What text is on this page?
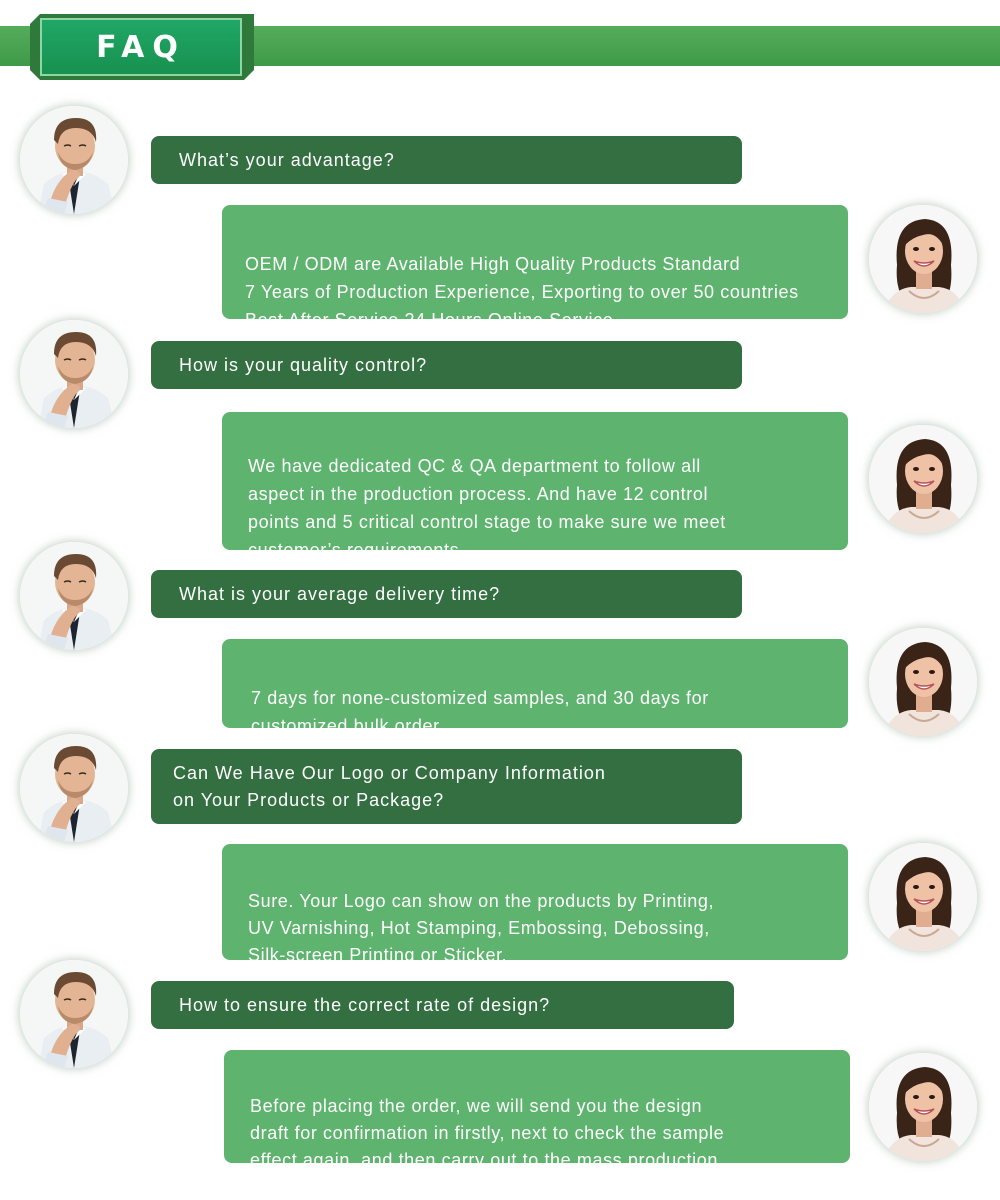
FAQ
What’s your advantage?

OEM / ODM are Available High Quality Products Standard
7 Years of Production Experience, Exporting to over 50 countries
Best After Service 24 Hours Online Service

How is your quality control?

We have dedicated QC & QA department to follow all
aspect in the production process. And have 12 control
points and 5 critical control stage to make sure we meet
customer’s requirements.

What is your average delivery time?

7 days for none-customized samples, and 30 days for
customized bulk order.

Can We Have Our Logo or Company Information
on Your Products or Package?

Sure. Your Logo can show on the products by Printing,
UV Varnishing, Hot Stamping, Embossing, Debossing,
Silk-screen Printing or Sticker.

How to ensure the correct rate of design?

Before placing the order, we will send you the design
draft for confirmation in firstly, next to check the sample
effect again, and then carry out to the mass production.
